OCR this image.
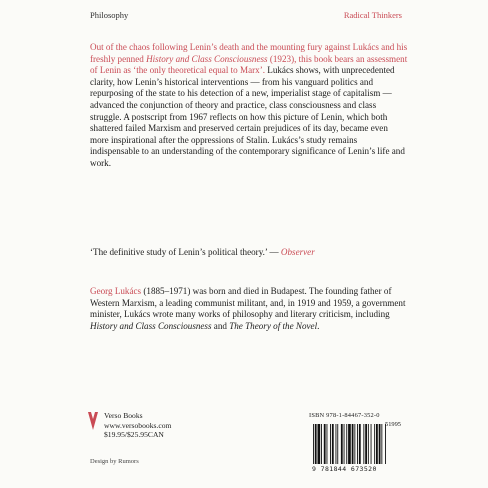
Philosophy	Radical Thinkers

Out of the chaos following Lenin’s death and the mounting fury against Lukács and his freshly penned History and Class Consciousness (1923), this book bears an assessment of Lenin as ‘the only theoretical equal to Marx’. Lukács shows, with unprecedented clarity, how Lenin’s historical interventions — from his vanguard politics and repurposing of the state to his detection of a new, imperialist stage of capitalism — advanced the conjunction of theory and practice, class consciousness and class struggle. A postscript from 1967 reflects on how this picture of Lenin, which both shattered failed Marxism and preserved certain prejudices of its day, became even more inspirational after the oppressions of Stalin. Lukács’s study remains indispensable to an understanding of the contemporary significance of Lenin’s life and work.

‘The definitive study of Lenin’s political theory.’ — Observer

Georg Lukács (1885–1971) was born and died in Budapest. The founding father of Western Marxism, a leading communist militant, and, in 1919 and 1959, a government minister, Lukács wrote many works of philosophy and literary criticism, including History and Class Consciousness and The Theory of the Novel.

Verso Books
www.versobooks.com
$19.95/$25.95CAN
Design by Rumors
ISBN 978-1-84467-352-0
51995
9 781844 673520
